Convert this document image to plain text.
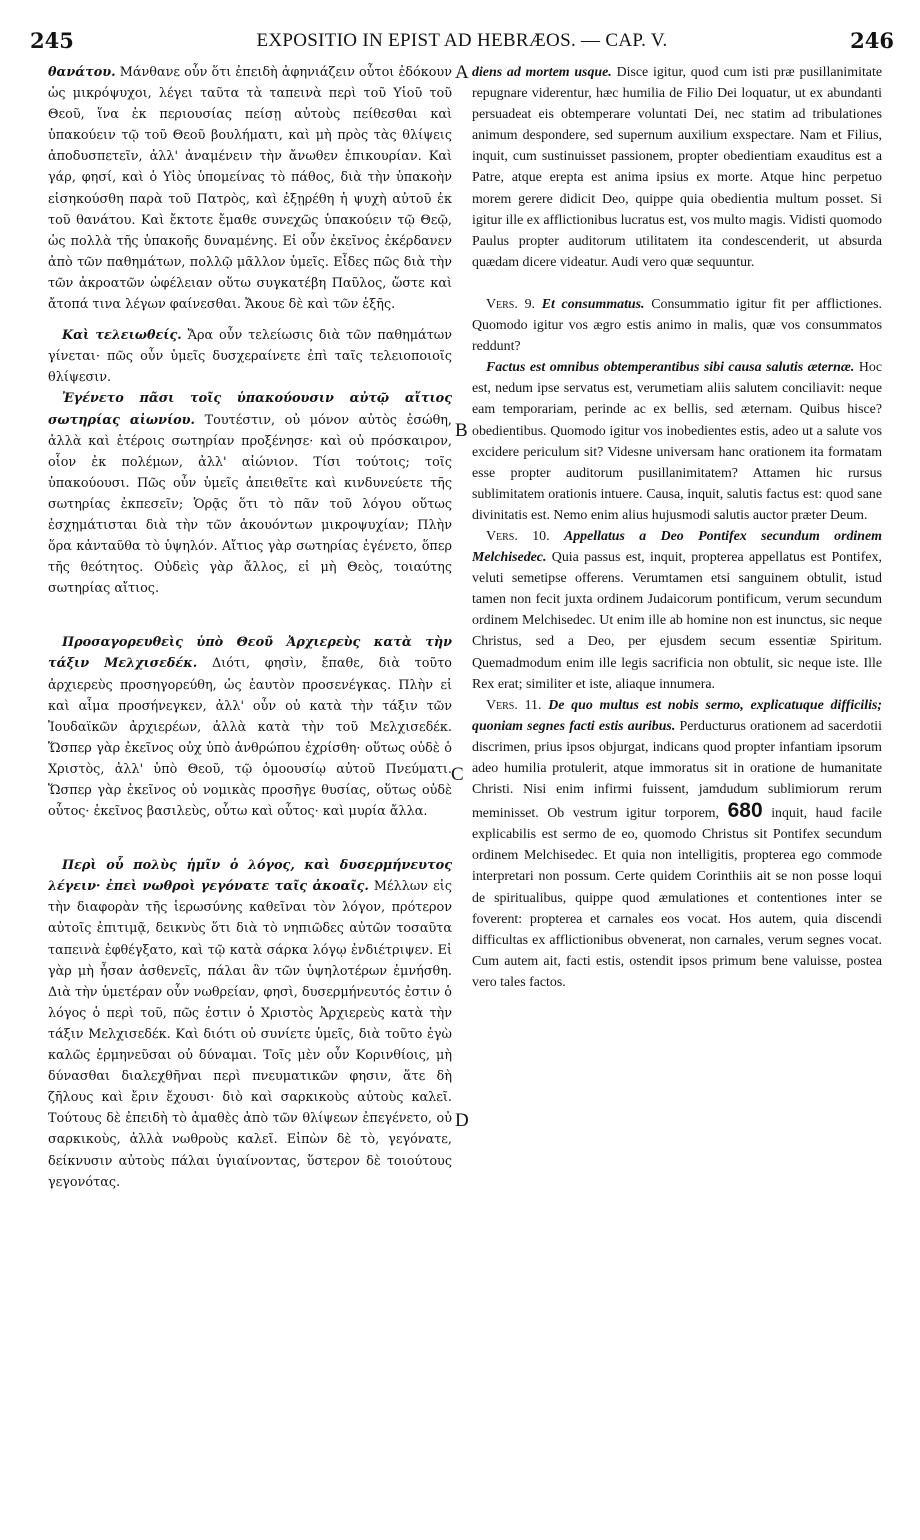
245	EXPOSITIO IN EPIST AD HEBRÆOS. — CAP. V.	246
A
B
C
D

θανάτου. Μάνθανε οὖν ὅτι ἐπειδὴ ἀφηνιάζειν οὗτοι ἐδόκουν ὡς μικρόψυχοι, λέγει ταῦτα τὰ ταπεινὰ περὶ τοῦ Υἱοῦ τοῦ Θεοῦ, ἵνα ἐκ περιουσίας πείσῃ αὐτοὺς πείθεσθαι καὶ ὑπακούειν τῷ τοῦ Θεοῦ βουλήματι, καὶ μὴ πρὸς τὰς θλίψεις ἀποδυσπετεῖν, ἀλλ' ἀναμένειν τὴν ἄνωθεν ἐπικουρίαν. Καὶ γάρ, φησί, καὶ ὁ Υἱὸς ὑπομείνας τὸ πάθος, διὰ τὴν ὑπακοὴν εἰσηκούσθη παρὰ τοῦ Πατρὸς, καὶ ἐξῃρέθη ἡ ψυχὴ αὐτοῦ ἐκ τοῦ θανάτου. Καὶ ἔκτοτε ἔμαθε συνεχῶς ὑπακούειν τῷ Θεῷ, ὡς πολλὰ τῆς ὑπακοῆς δυναμένης. Εἰ οὖν ἐκεῖνος ἐκέρδανεν ἀπὸ τῶν παθημάτων, πολλῷ μᾶλλον ὑμεῖς. Εἶδες πῶς διὰ τὴν τῶν ἀκροατῶν ὠφέλειαν οὕτω συγκατέβη Παῦλος, ὥστε καὶ ἄτοπά τινα λέγων φαίνεσθαι. Ἄκουε δὲ καὶ τῶν ἑξῆς.

Καὶ τελειωθείς. Ἄρα οὖν τελείωσις διὰ τῶν παθημάτων γίνεται· πῶς οὖν ὑμεῖς δυσχεραίνετε ἐπὶ ταῖς τελειοποιοῖς θλίψεσιν.

Ἐγένετο πᾶσι τοῖς ὑπακούουσιν αὐτῷ αἴτιος σωτηρίας αἰωνίου. Τουτέστιν, οὐ μόνον αὐτὸς ἐσώθη, ἀλλὰ καὶ ἑτέροις σωτηρίαν προξένησε· καὶ οὐ πρόσκαιρον, οἷον ἐκ πολέμων, ἀλλ' αἰώνιον. Τίσι τούτοις; τοῖς ὑπακούουσι. Πῶς οὖν ὑμεῖς ἀπειθεῖτε καὶ κινδυνεύετε τῆς σωτηρίας ἐκπεσεῖν; Ὁρᾷς ὅτι τὸ πᾶν τοῦ λόγου οὕτως ἐσχημάτισται διὰ τὴν τῶν ἀκουόντων μικροψυχίαν; Πλὴν ὅρα κἀνταῦθα τὸ ὑψηλόν. Αἴτιος γὰρ σωτηρίας ἐγένετο, ὅπερ τῆς θεότητος. Οὐδεὶς γὰρ ἄλλος, εἰ μὴ Θεὸς, τοιαύτης σωτηρίας αἴτιος.

Προσαγορευθεὶς ὑπὸ Θεοῦ Ἀρχιερεὺς κατὰ τὴν τάξιν Μελχισεδέκ. Διότι, φησὶν, ἔπαθε, διὰ τοῦτο ἀρχιερεὺς προσηγορεύθη, ὡς ἑαυτὸν προσενέγκας. Πλὴν εἰ καὶ αἷμα προσήνεγκεν, ἀλλ' οὖν οὐ κατὰ τὴν τάξιν τῶν Ἰουδαϊκῶν ἀρχιερέων, ἀλλὰ κατὰ τὴν τοῦ Μελχισεδέκ. Ὥσπερ γὰρ ἐκεῖνος οὐχ ὑπὸ ἀνθρώπου ἐχρίσθη· οὕτως οὐδὲ ὁ Χριστὸς, ἀλλ' ὑπὸ Θεοῦ, τῷ ὁμοουσίῳ αὐτοῦ Πνεύματι. Ὥσπερ γὰρ ἐκεῖνος οὐ νομικὰς προσῆγε θυσίας, οὕτως οὐδὲ οὗτος· ἐκεῖνος βασιλεὺς, οὗτω καὶ οὗτος· καὶ μυρία ἄλλα.

Περὶ οὗ πολὺς ἡμῖν ὁ λόγος, καὶ δυσερμήνευτος λέγειν· ἐπεὶ νωθροὶ γεγόνατε ταῖς ἀκοαῖς. Μέλλων εἰς τὴν διαφορὰν τῆς ἱερωσύνης καθεῖναι τὸν λόγον, πρότερον αὐτοῖς ἐπιτιμᾷ, δεικνὺς ὅτι διὰ τὸ νηπιῶδες αὐτῶν τοσαῦτα ταπεινὰ ἐφθέγξατο, καὶ τῷ κατὰ σάρκα λόγῳ ἐνδιέτριψεν. Εἰ γὰρ μὴ ἦσαν ἀσθενεῖς, πάλαι ἂν τῶν ὑψηλοτέρων ἐμνήσθη. Διὰ τὴν ὑμετέραν οὖν νωθρείαν, φησὶ, δυσερμήνευτός ἐστιν ὁ λόγος ὁ περὶ τοῦ, πῶς ἐστιν ὁ Χριστὸς Ἀρχιερεὺς κατὰ τὴν τάξιν Μελχισεδέκ. Καὶ διότι οὐ συνίετε ὑμεῖς, διὰ τοῦτο ἐγὼ καλῶς ἑρμηνεῦσαι οὐ δύναμαι. Τοῖς μὲν οὖν Κορινθίοις, μὴ δύνασθαι διαλεχθῆναι περὶ πνευματικῶν φησιν, ἅτε δὴ ζῆλους καὶ ἔριν ἔχουσι· διὸ καὶ σαρκικοὺς αὐτοὺς καλεῖ. Τούτους δὲ ἐπειδὴ τὸ ἀμαθὲς ἀπὸ τῶν θλίψεων ἐπεγένετο, οὐ σαρκικοὺς, ἀλλὰ νωθροὺς καλεῖ. Εἰπὼν δὲ τὸ, γεγόνατε, δείκνυσιν αὐτοὺς πάλαι ὑγιαίνοντας, ὕστερον δὲ τοιούτους γεγονότας.

diens ad mortem usque. Disce igitur, quod cum isti præ pusillanimitate repugnare viderentur, hæc humilia de Filio Dei loquatur, ut ex abundanti persuadeat eis obtemperare voluntati Dei, nec statim ad tribulationes animum despondere, sed supernum auxilium exspectare. Nam et Filius, inquit, cum sustinuisset passionem, propter obedientiam exauditus est a Patre, atque erepta est anima ipsius ex morte. Atque hinc perpetuo morem gerere didicit Deo, quippe quia obedientia multum posset. Si igitur ille ex afflictionibus lucratus est, vos multo magis. Vidisti quomodo Paulus propter auditorum utilitatem ita condescenderit, ut absurda quædam dicere videatur. Audi vero quæ sequuntur.

Vers. 9. Et consummatus. Consummatio igitur fit per afflictiones. Quomodo igitur vos ægro estis animo in malis, quæ vos consummatos reddunt?

Factus est omnibus obtemperantibus sibi causa salutis æternæ. Hoc est, nedum ipse servatus est, verumetiam aliis salutem conciliavit: neque eam temporariam, perinde ac ex bellis, sed æternam. Quibus hisce? obedientibus. Quomodo igitur vos inobedientes estis, adeo ut a salute vos excidere periculum sit? Videsne universam hanc orationem ita formatam esse propter auditorum pusillanimitatem? Attamen hic rursus sublimitatem orationis intuere. Causa, inquit, salutis factus est: quod sane divinitatis est. Nemo enim alius hujusmodi salutis auctor præter Deum.

Vers. 10. Appellatus a Deo Pontifex secundum ordinem Melchisedec. Quia passus est, inquit, propterea appellatus est Pontifex, veluti semetipse offerens. Verumtamen etsi sanguinem obtulit, istud tamen non fecit juxta ordinem Judaicorum pontificum, verum secundum ordinem Melchisedec. Ut enim ille ab homine non est inunctus, sic neque Christus, sed a Deo, per ejusdem secum essentiæ Spiritum. Quemadmodum enim ille legis sacrificia non obtulit, sic neque iste. Ille Rex erat; similiter et iste, aliaque innumera.

Vers. 11. De quo multus est nobis sermo, explicatuque difficilis; quoniam segnes facti estis auribus. Perducturus orationem ad sacerdotii discrimen, prius ipsos objurgat, indicans quod propter infantiam ipsorum adeo humilia protulerit, atque immoratus sit in oratione de humanitate Christi. Nisi enim infirmi fuissent, jamdudum sublimiorum rerum meminisset. Ob vestrum igitur torporem, 680 inquit, haud facile explicabilis est sermo de eo, quomodo Christus sit Pontifex secundum ordinem Melchisedec. Et quia non intelligitis, propterea ego commode interpretari non possum. Certe quidem Corinthiis ait se non posse loqui de spiritualibus, quippe quod æmulationes et contentiones inter se foverent: propterea et carnales eos vocat. Hos autem, quia discendi difficultas ex afflictionibus obvenerat, non carnales, verum segnes vocat. Cum autem ait, facti estis, ostendit ipsos primum bene valuisse, postea vero tales factos.
